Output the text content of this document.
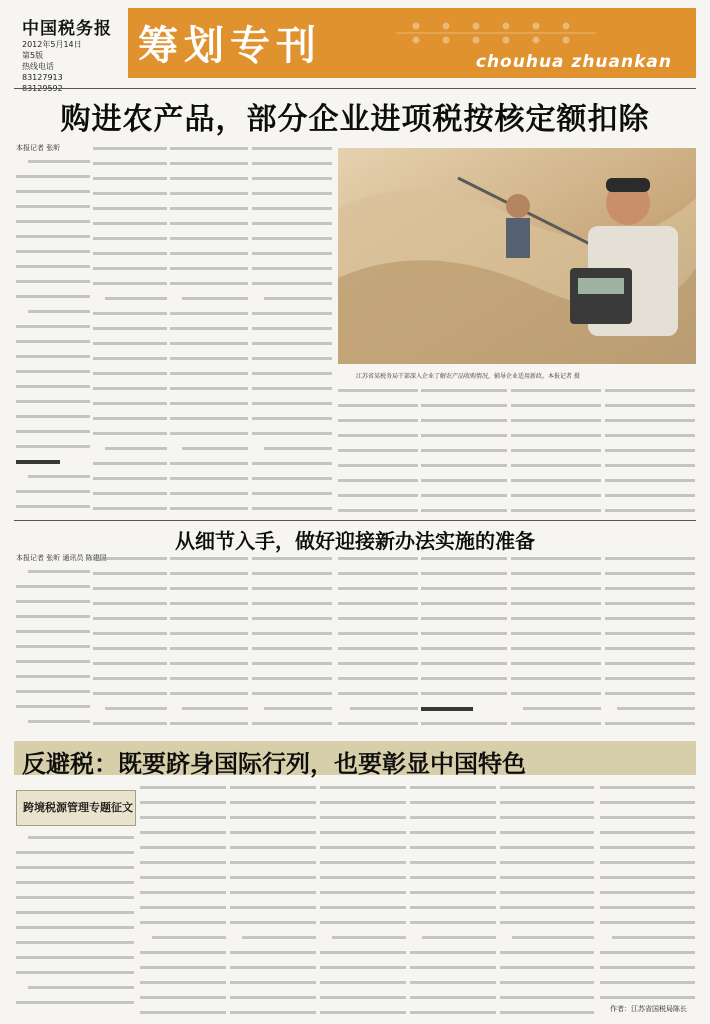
中国税务报
2012年5月14日
第5版
热线电话
83127913
83129592
筹划专刊	chouhua zhuankan
购进农产品，部分企业进项税按核定额扣除
本报记者 张昕
江苏省某税务局干部深入企业了解农产品收购情况，辅导企业适用新政。本报记者 摄
从细节入手，做好迎接新办法实施的准备
本报记者 张昕 通讯员 陈建国
反避税：既要跻身国际行列，也要彰显中国特色
跨境税源管理专题征文
作者：江苏省国税局陈长
